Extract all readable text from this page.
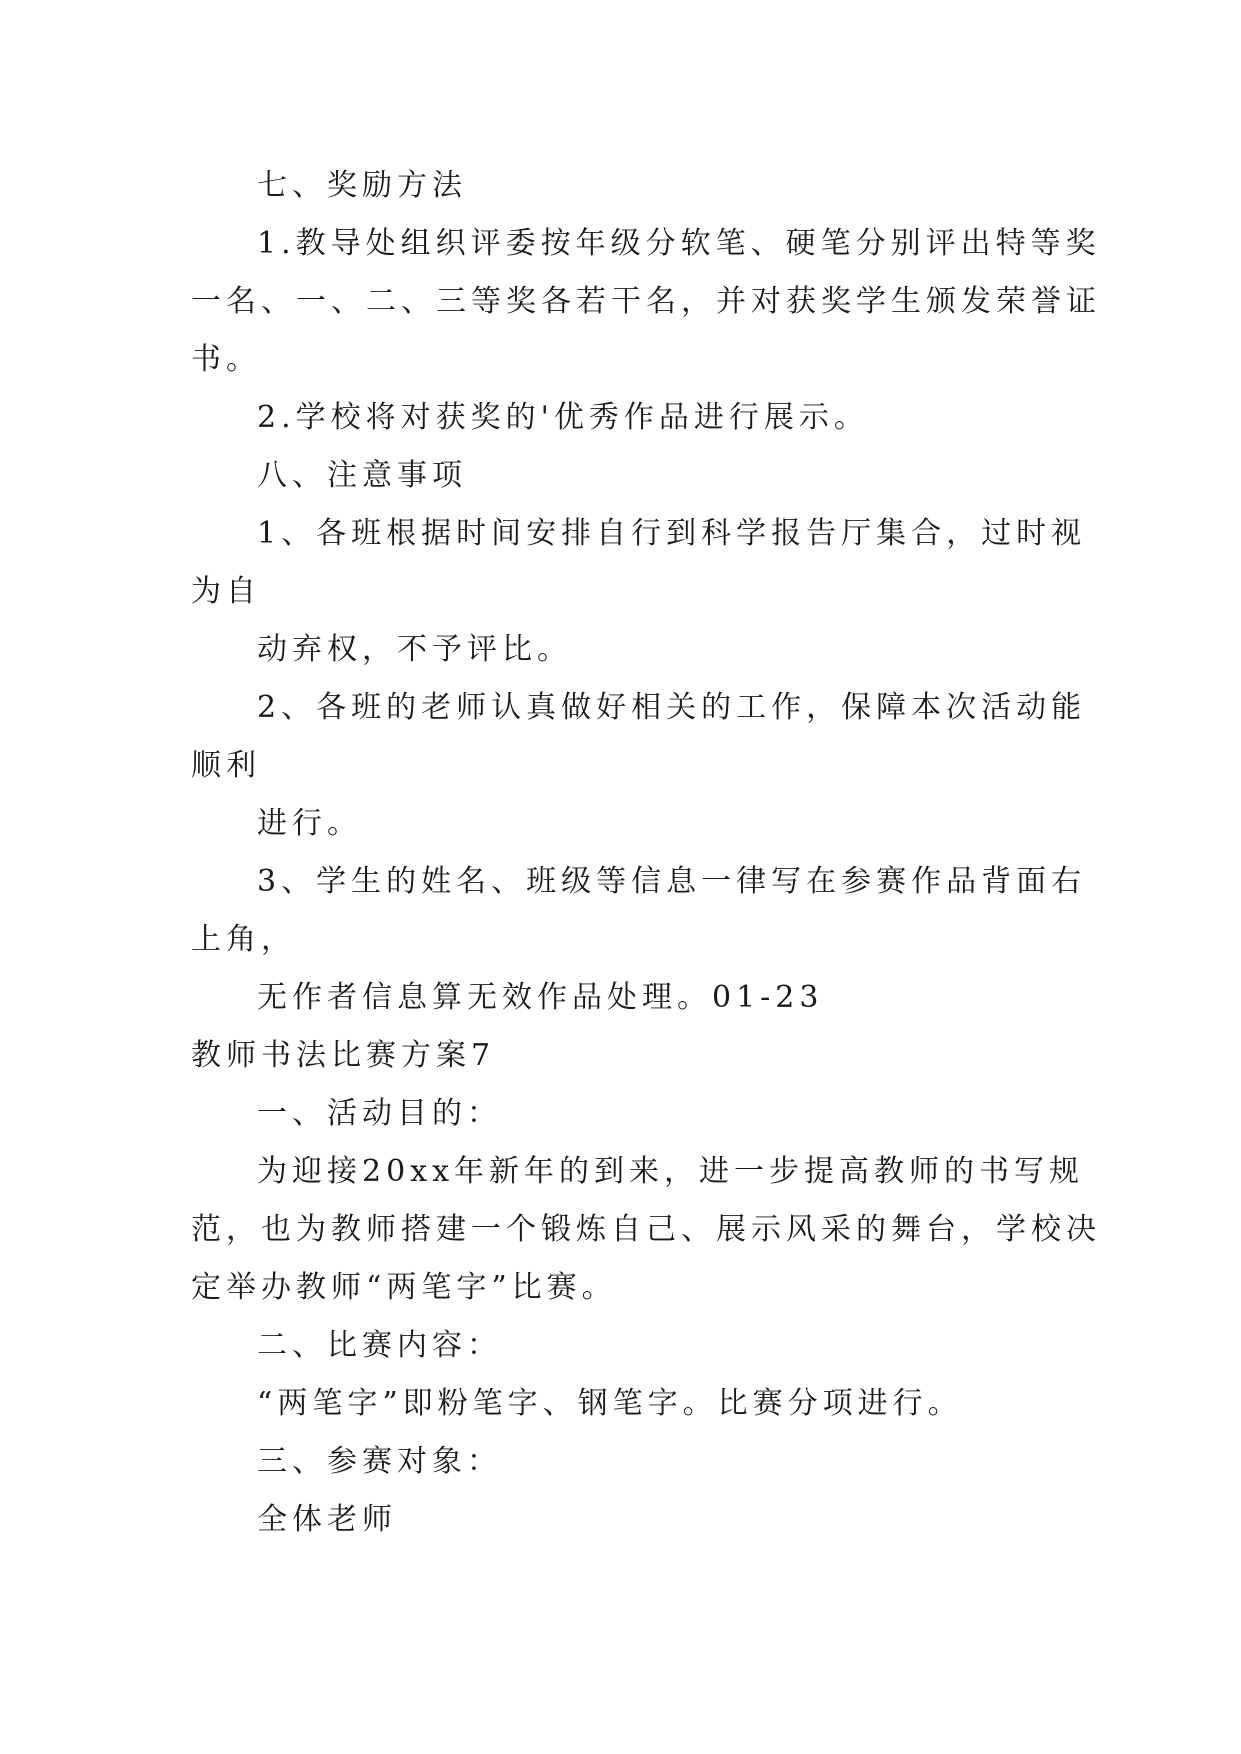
七、奖励方法
1.教导处组织评委按年级分软笔、硬笔分别评出特等奖
一名、一、二、三等奖各若干名，并对获奖学生颁发荣誉证
书。
2.学校将对获奖的'优秀作品进行展示。
八、注意事项
1、各班根据时间安排自行到科学报告厅集合，过时视
为自
动弃权，不予评比。
2、各班的老师认真做好相关的工作，保障本次活动能
顺利
进行。
3、学生的姓名、班级等信息一律写在参赛作品背面右
上角，
无作者信息算无效作品处理。01-23
教师书法比赛方案7
一、活动目的：
为迎接20xx年新年的到来，进一步提高教师的书写规
范，也为教师搭建一个锻炼自己、展示风采的舞台，学校决
定举办教师“两笔字”比赛。
二、比赛内容：
“两笔字”即粉笔字、钢笔字。比赛分项进行。
三、参赛对象：
全体老师
